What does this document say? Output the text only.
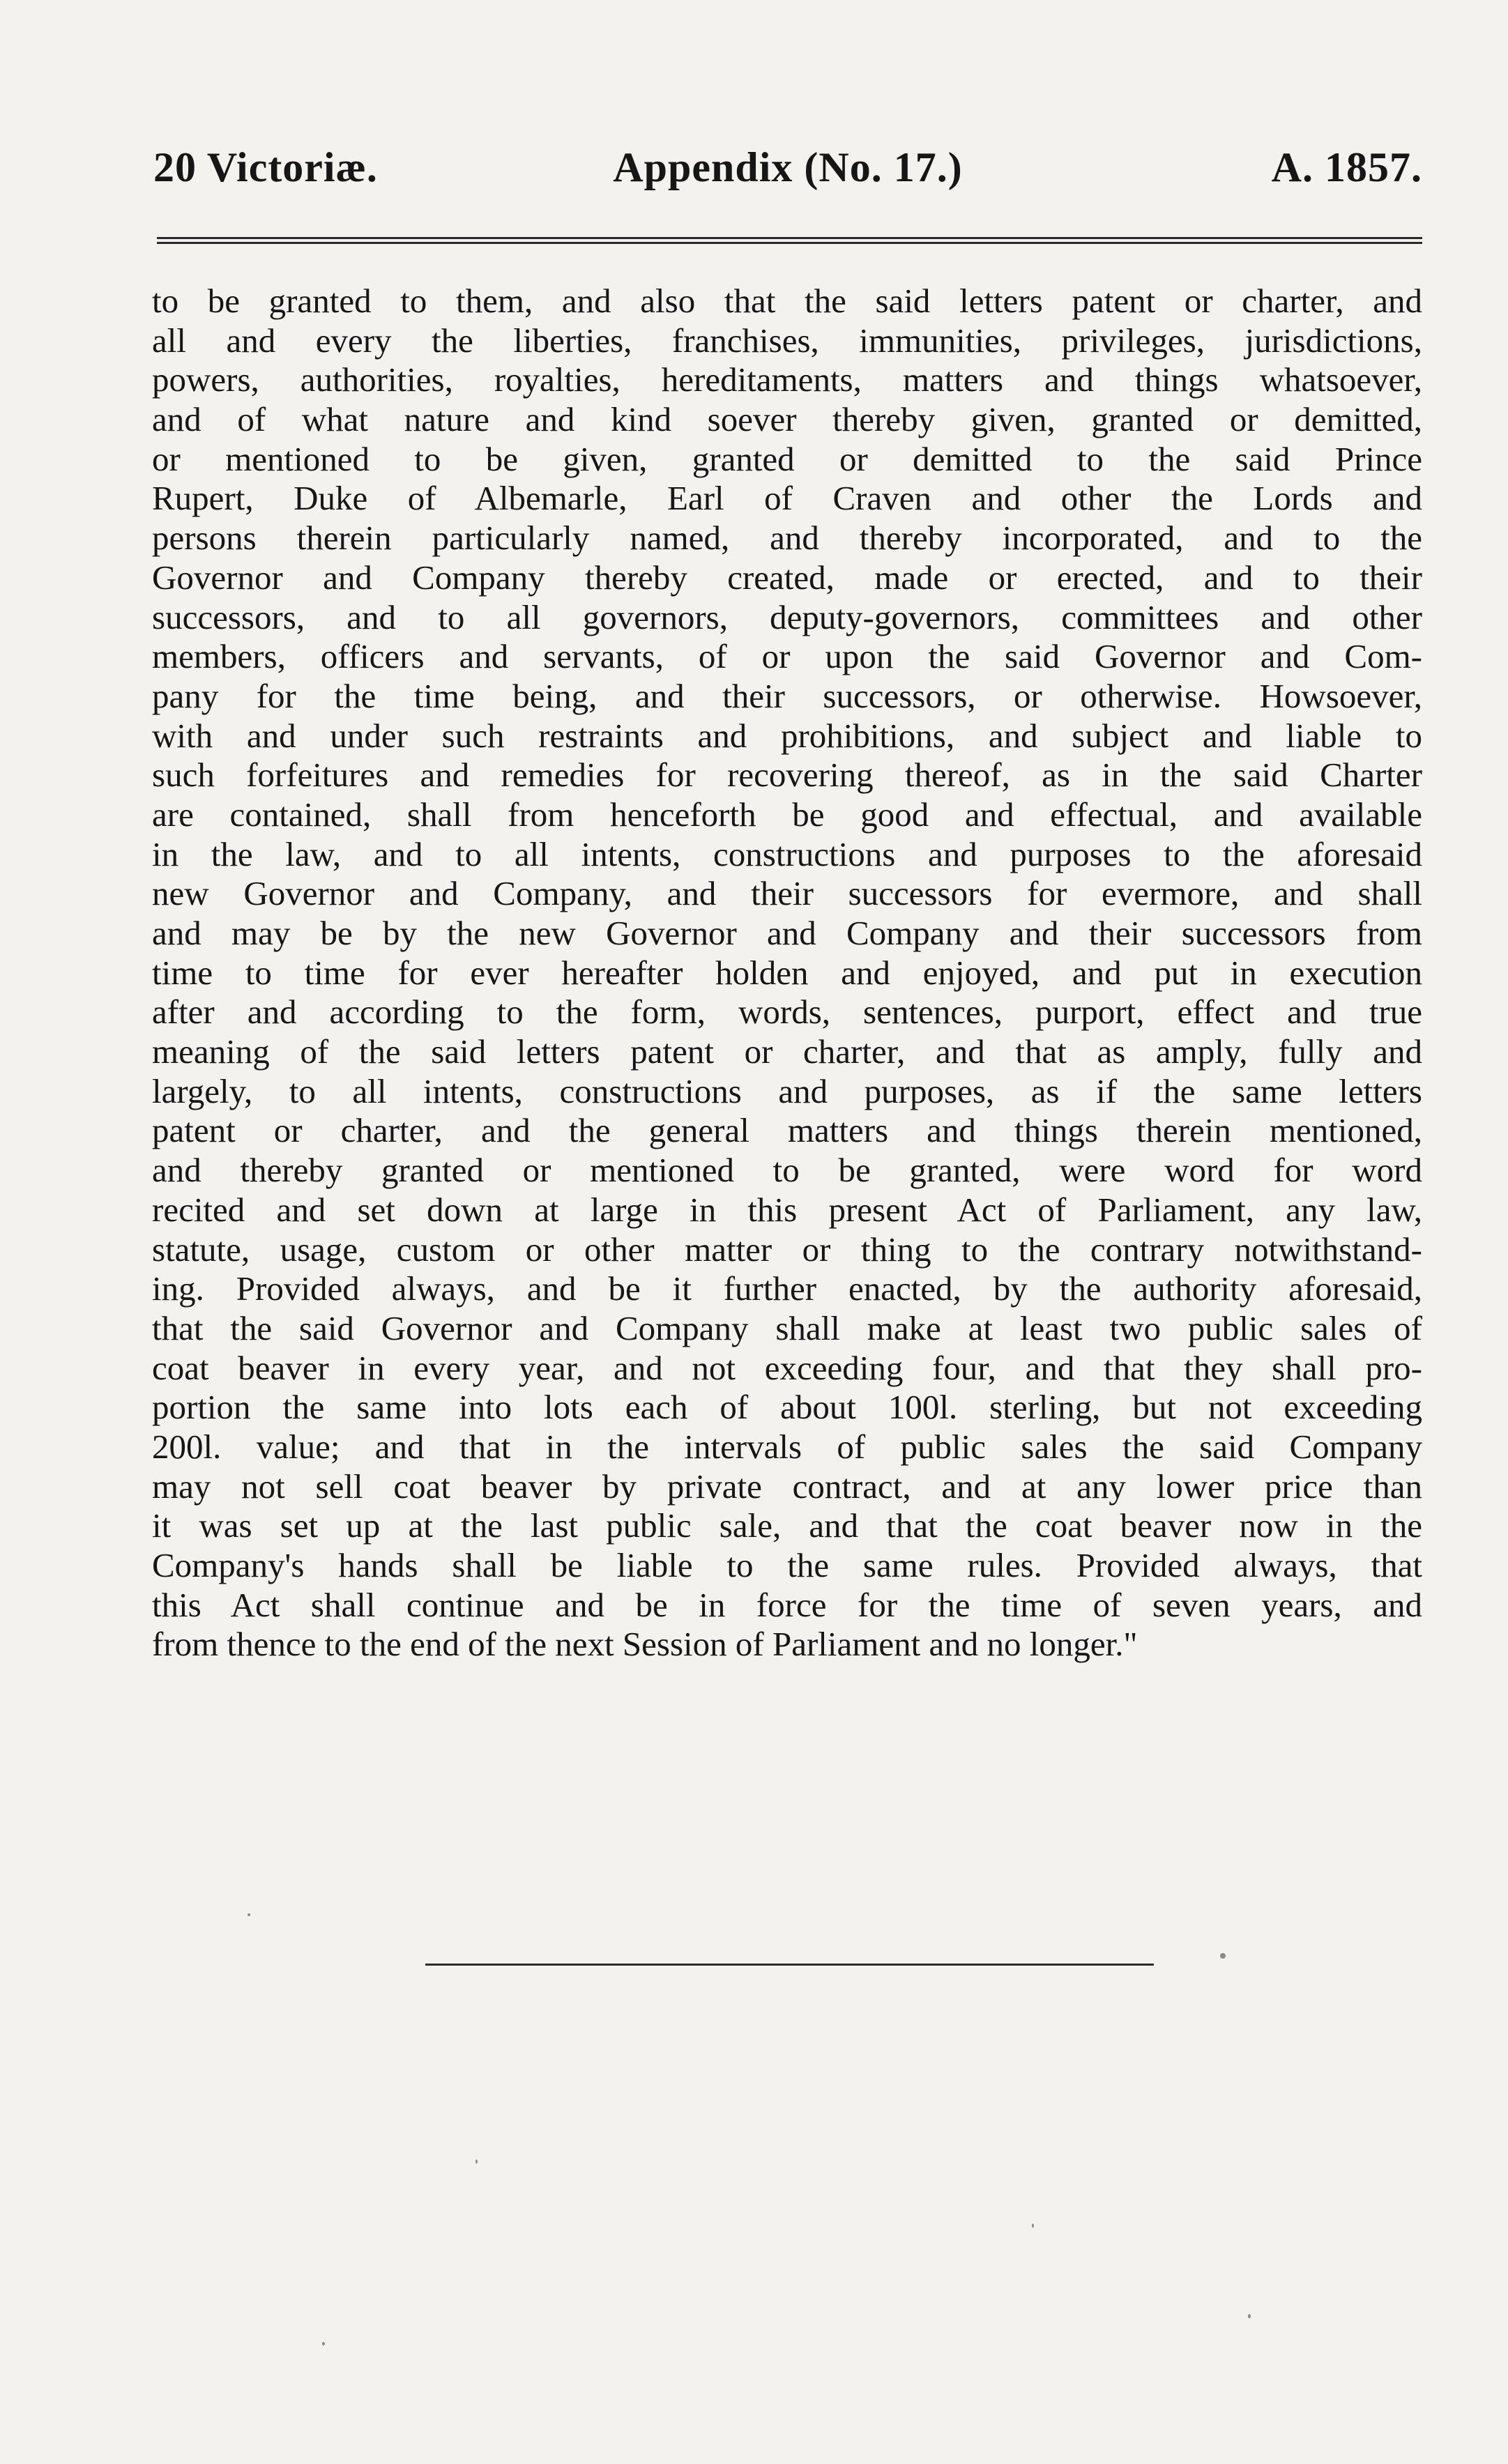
20 Victoriæ.	Appendix (No. 17.)	A. 1857.
to be granted to them, and also that the said letters patent or charter, and
all and every the liberties, franchises, immunities, privileges, jurisdictions,
powers, authorities, royalties, hereditaments, matters and things whatsoever,
and of what nature and kind soever thereby given, granted or demitted,
or mentioned to be given, granted or demitted to the said Prince
Rupert, Duke of Albemarle, Earl of Craven and other the Lords and
persons therein particularly named, and thereby incorporated, and to the
Governor and Company thereby created, made or erected, and to their
successors, and to all governors, deputy-governors, committees and other
members, officers and servants, of or upon the said Governor and Com-
pany for the time being, and their successors, or otherwise. Howsoever,
with and under such restraints and prohibitions, and subject and liable to
such forfeitures and remedies for recovering thereof, as in the said Charter
are contained, shall from henceforth be good and effectual, and available
in the law, and to all intents, constructions and purposes to the aforesaid
new Governor and Company, and their successors for evermore, and shall
and may be by the new Governor and Company and their successors from
time to time for ever hereafter holden and enjoyed, and put in execution
after and according to the form, words, sentences, purport, effect and true
meaning of the said letters patent or charter, and that as amply, fully and
largely, to all intents, constructions and purposes, as if the same letters
patent or charter, and the general matters and things therein mentioned,
and thereby granted or mentioned to be granted, were word for word
recited and set down at large in this present Act of Parliament, any law,
statute, usage, custom or other matter or thing to the contrary notwithstand-
ing. Provided always, and be it further enacted, by the authority aforesaid,
that the said Governor and Company shall make at least two public sales of
coat beaver in every year, and not exceeding four, and that they shall pro-
portion the same into lots each of about 100l. sterling, but not exceeding
200l. value; and that in the intervals of public sales the said Company
may not sell coat beaver by private contract, and at any lower price than
it was set up at the last public sale, and that the coat beaver now in the
Company's hands shall be liable to the same rules. Provided always, that
this Act shall continue and be in force for the time of seven years, and
from thence to the end of the next Session of Parliament and no longer."
